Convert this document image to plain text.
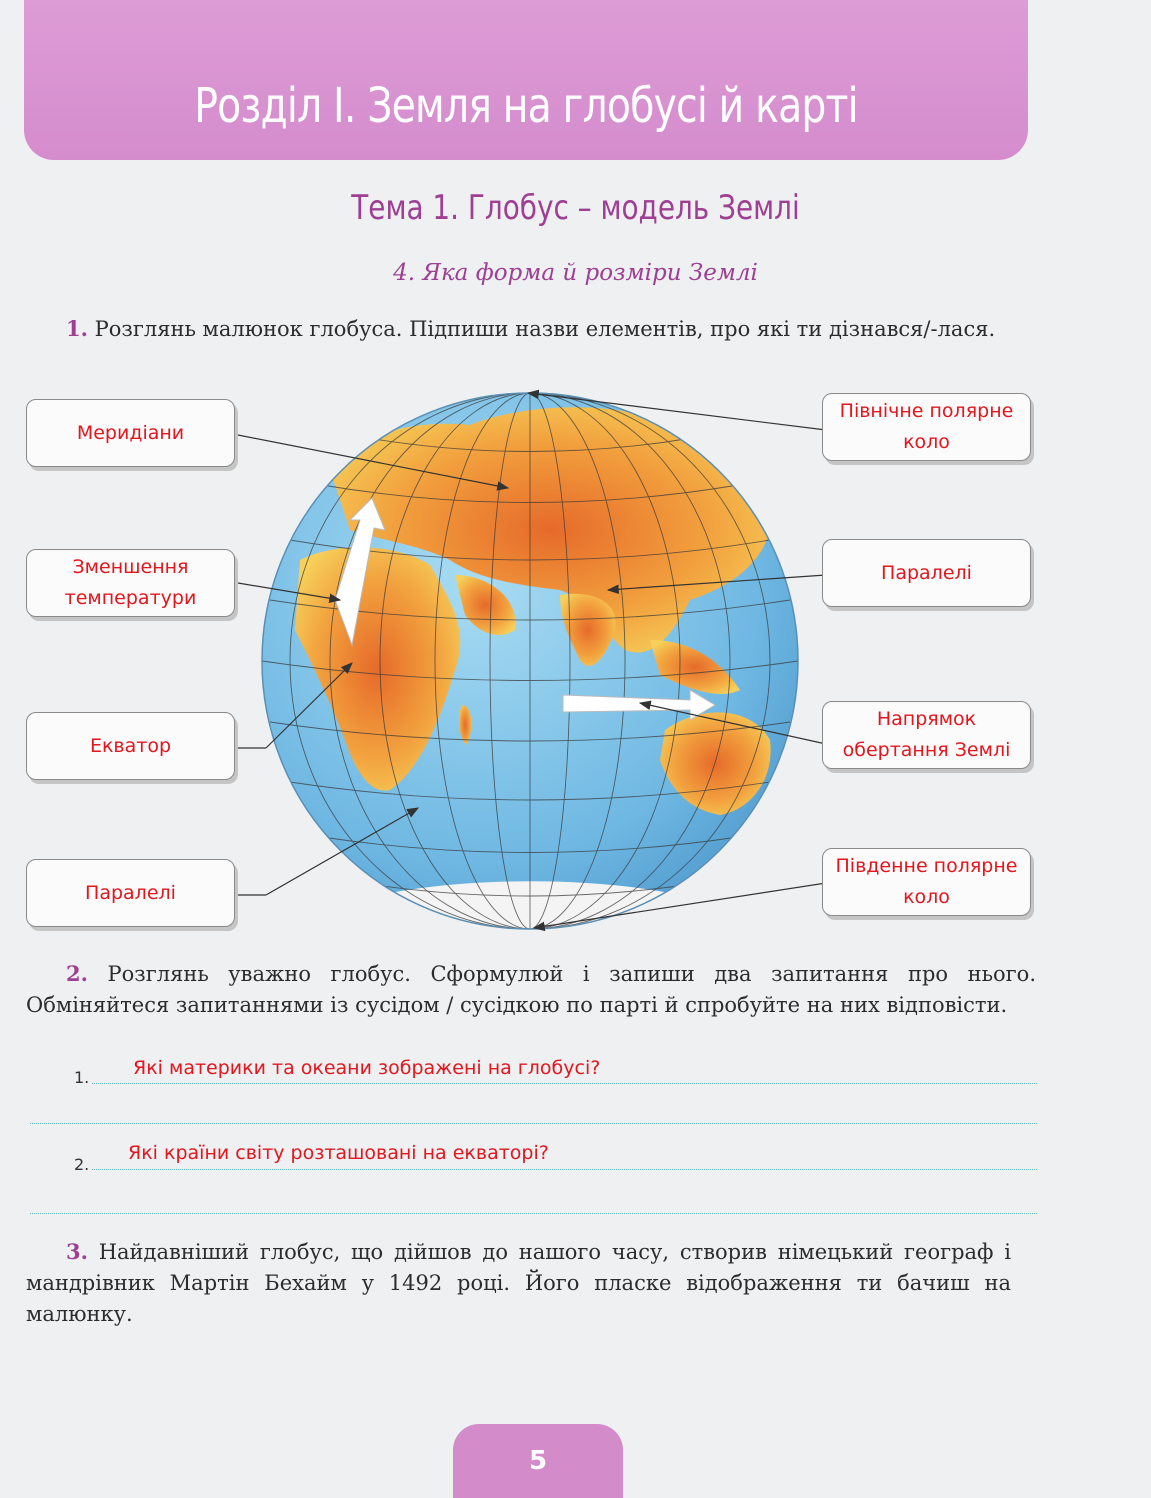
Розділ І. Земля на глобусі й карті
Тема 1. Глобус – модель Землі
4. Яка форма й розміри Землі
1. Розглянь малюнок глобуса. Підпиши назви елементів, про які ти дізнався/-лася.
Меридіани
Зменшення температури
Екватор
Паралелі
Північне полярне коло
Паралелі
Напрямок обертання Землі
Південне полярне коло
2. Розглянь уважно глобус. Сформулюй і запиши два запитання про нього. Обміняйтеся запитаннями із сусідом / сусідкою по парті й спробуйте на них відповісти.
1. Які материки та океани зображені на глобусі?
2.
Які країни світу розташовані на екваторі?
3. Найдавніший глобус, що дійшов до нашого часу, створив німецький географ і мандрівник Мартін Бехайм у 1492 році. Його пласке відображення ти бачиш на малюнку.
5
